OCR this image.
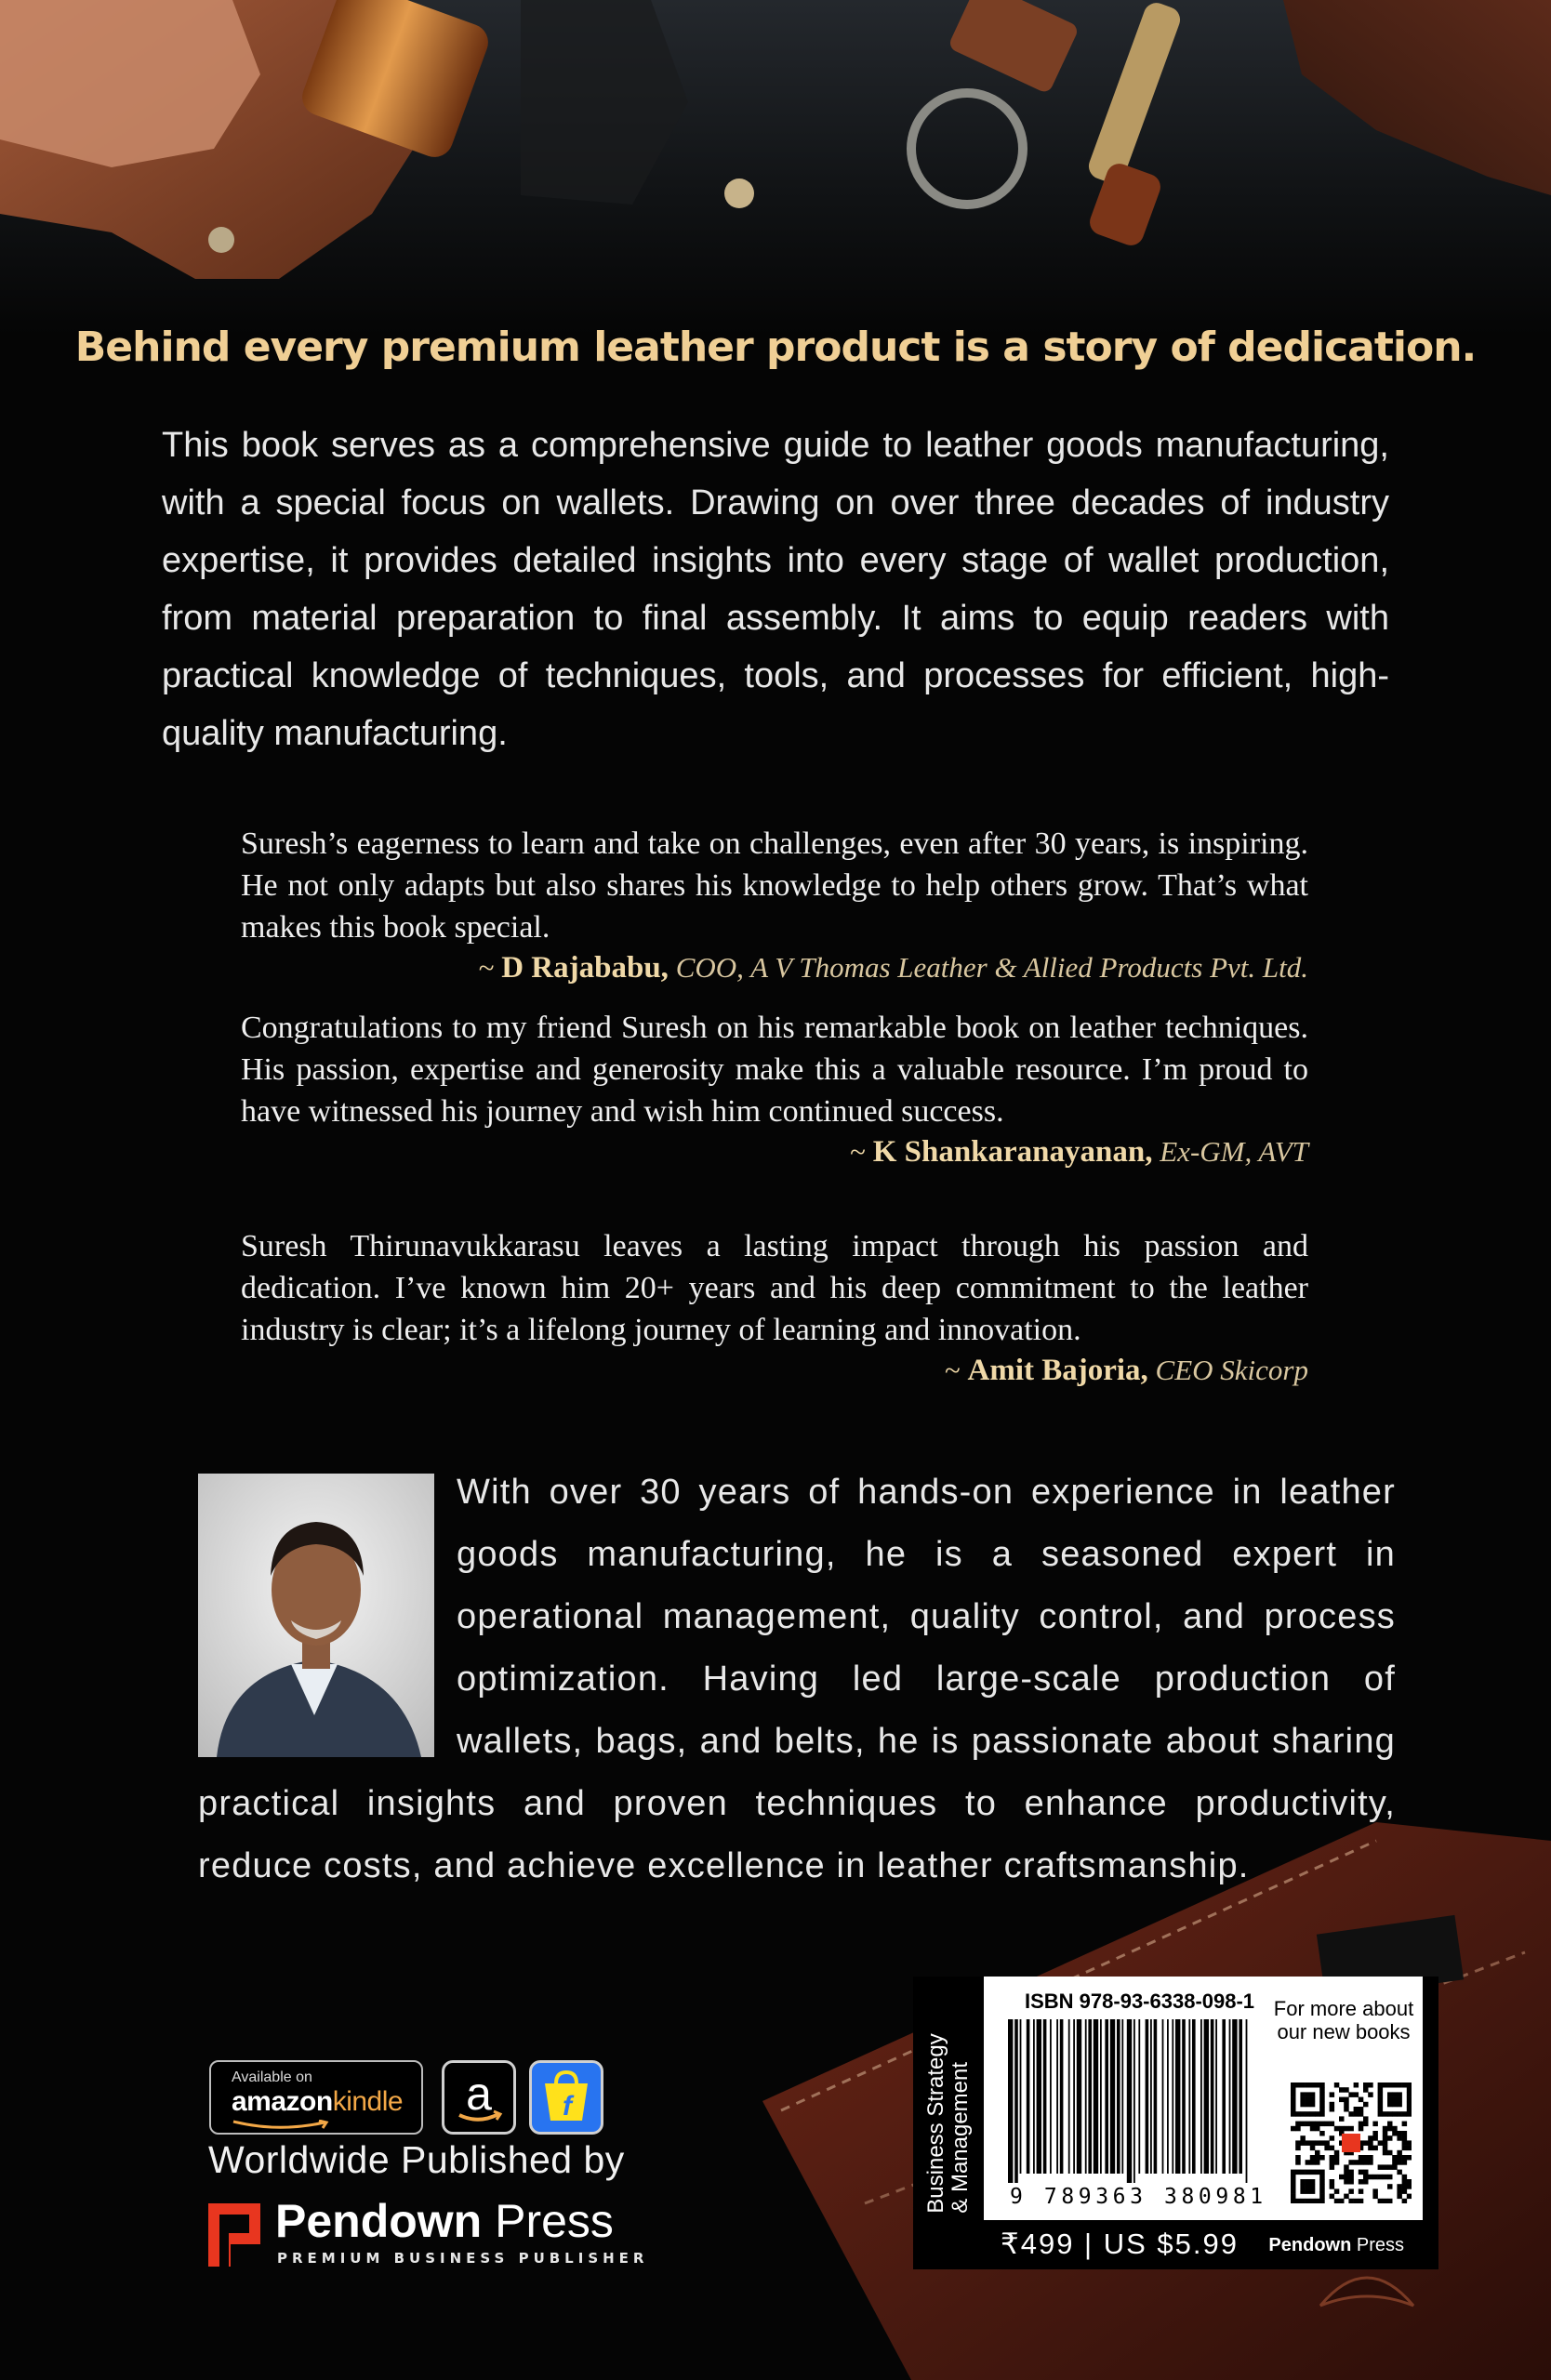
Behind every premium leather product is a story of dedication.

This book serves as a comprehensive guide to leather goods manufacturing, with a special focus on wallets. Drawing on over three decades of industry expertise, it provides detailed insights into every stage of wallet production, from material preparation to final assembly. It aims to equip readers with practical knowledge of techniques, tools, and processes for efficient, high-quality manufacturing.

Suresh’s eagerness to learn and take on challenges, even after 30 years, is inspiring. He not only adapts but also shares his knowledge to help others grow. That’s what makes this book special.

~ D Rajababu, COO, A V Thomas Leather & Allied Products Pvt. Ltd.

Congratulations to my friend Suresh on his remarkable book on leather techniques. His passion, expertise and generosity make this a valuable resource. I’m proud to have witnessed his journey and wish him continued success.

~ K Shankaranayanan, Ex-GM, AVT

Suresh Thirunavukkarasu leaves a lasting impact through his passion and dedication. I’ve known him 20+ years and his deep commitment to the leather industry is clear; it’s a lifelong journey of learning and innovation.

~ Amit Bajoria, CEO Skicorp

With over 30 years of hands-on experience in leather goods manufacturing, he is a seasoned expert in operational management, quality control, and process optimization. Having led large-scale production of wallets, bags, and belts, he is passionate about sharing practical insights and proven techniques to enhance productivity, reduce costs, and achieve excellence in leather craftsmanship.

Available on
amazonkindle	a	f
Worldwide Published by
Pendown Press
PREMIUM BUSINESS PUBLISHER
Business Strategy & Management
ISBN 978-93-6338-098-1
9 789363 380981
For more about our new books
₹499 | US $5.99 Pendown Press
